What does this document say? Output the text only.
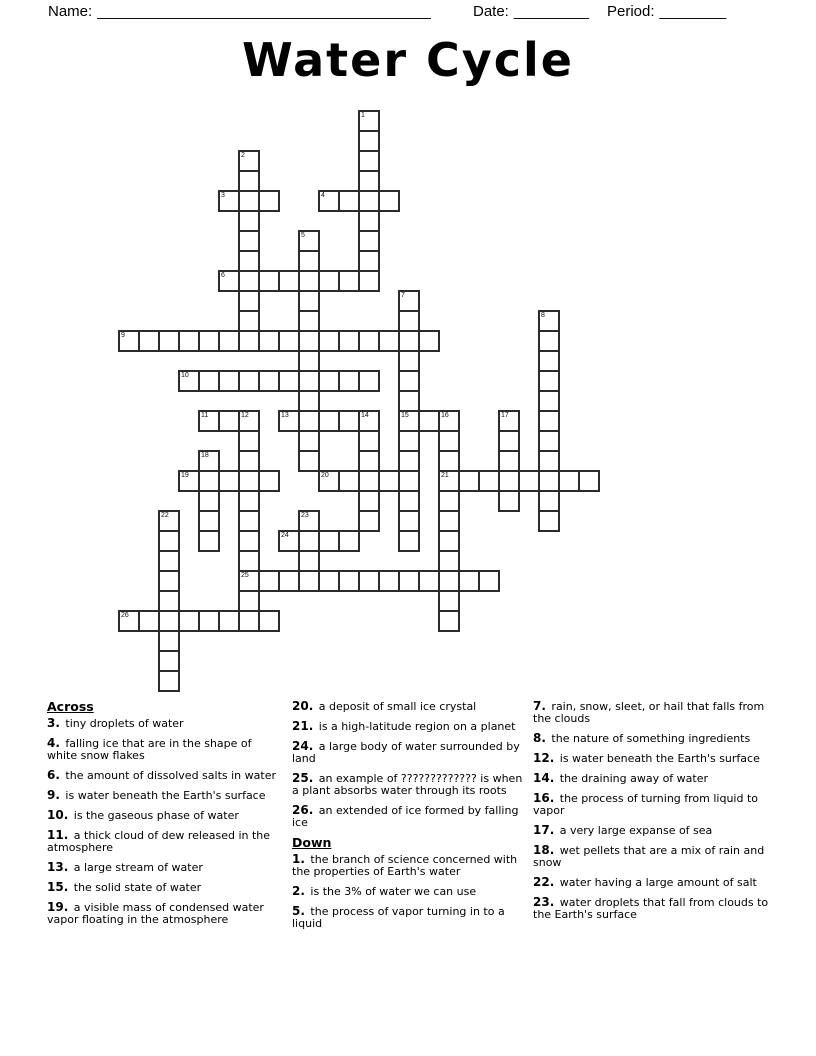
Name: ________________________________________	Date: _________ Period: ________
Water Cycle
1
2
3	4
5
6
7
15
8
9
10
11	12
25
13	14	16
21
17
18
19	20
22	23
24
26
Across

3. tiny droplets of water

4. falling ice that are in the shape of white snow flakes

6. the amount of dissolved salts in water

9. is water beneath the Earth's surface

10. is the gaseous phase of water

11. a thick cloud of dew released in the atmosphere

13. a large stream of water

15. the solid state of water

19. a visible mass of condensed water vapor floating in the atmosphere

20. a deposit of small ice crystal

21. is a high-latitude region on a planet

24. a large body of water surrounded by land

25. an example of ????????????? is when a plant absorbs water through its roots

26. an extended of ice formed by falling ice

Down

1. the branch of science concerned with the properties of Earth's water

2. is the 3% of water we can use

5. the process of vapor turning in to a liquid

7. rain, snow, sleet, or hail that falls from the clouds

8. the nature of something ingredients

12. is water beneath the Earth's surface

14. the draining away of water

16. the process of turning from liquid to vapor

17. a very large expanse of sea

18. wet pellets that are a mix of rain and snow

22. water having a large amount of salt

23. water droplets that fall from clouds to the Earth's surface
